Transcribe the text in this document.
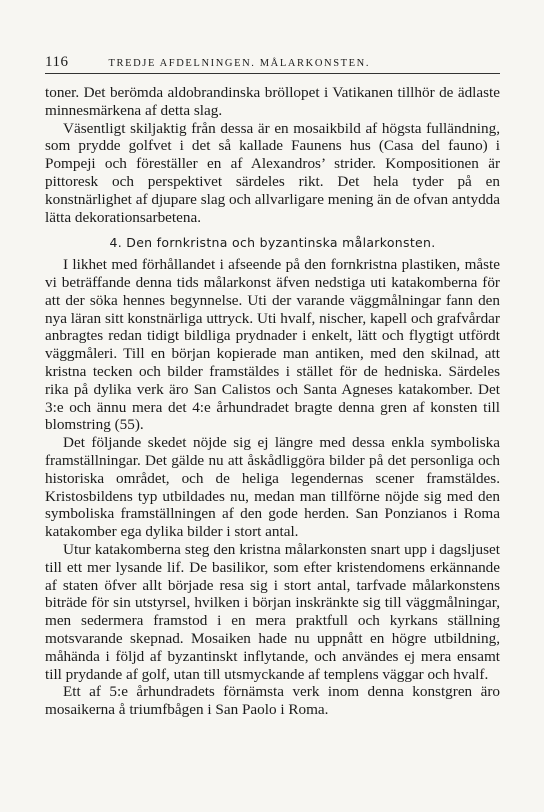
116	TREDJE AFDELNINGEN. MÅLARKONSTEN.

toner. Det berömda aldobrandinska bröllopet i Vatikanen tillhör de ädlaste minnesmärkena af detta slag.

Väsentligt skiljaktig från dessa är en mosaikbild af högsta fulländning, som prydde golfvet i det så kallade Faunens hus (Casa del fauno) i Pompeji och föreställer en af Alexandros’ strider. Kompositionen är pittoresk och perspektivet särdeles rikt. Det hela tyder på en konstnärlighet af djupare slag och allvarligare mening än de ofvan antydda lätta dekorationsarbetena.

4. Den fornkristna och byzantinska målarkonsten.

I likhet med förhållandet i afseende på den fornkristna plastiken, måste vi beträffande denna tids målarkonst äfven nedstiga uti katakomberna för att der söka hennes begynnelse. Uti der varande väggmålningar fann den nya läran sitt konstnärliga uttryck. Uti hvalf, nischer, kapell och grafvårdar anbragtes redan tidigt bildliga prydnader i enkelt, lätt och flygtigt utfördt väggmåleri. Till en början kopierade man antiken, med den skilnad, att kristna tecken och bilder framstäldes i stället för de hedniska. Särdeles rika på dylika verk äro San Calistos och Santa Agneses katakomber. Det 3:e och ännu mera det 4:e århundradet bragte denna gren af konsten till blomstring (55).

Det följande skedet nöjde sig ej längre med dessa enkla symboliska framställningar. Det gälde nu att åskådliggöra bilder på det personliga och historiska området, och de heliga legendernas scener framstäldes. Kristosbildens typ utbildades nu, medan man tillförne nöjde sig med den symboliska framställningen af den gode herden. San Ponzianos i Roma katakomber ega dylika bilder i stort antal.

Utur katakomberna steg den kristna målarkonsten snart upp i dagsljuset till ett mer lysande lif. De basilikor, som efter kristendomens erkännande af staten öfver allt började resa sig i stort antal, tarfvade målarkonstens biträde för sin utstyrsel, hvilken i början inskränkte sig till väggmålningar, men sedermera framstod i en mera praktfull och kyrkans ställning motsvarande skepnad. Mosaiken hade nu uppnått en högre utbildning, måhända i följd af byzantinskt inflytande, och användes ej mera ensamt till prydande af golf, utan till utsmyckande af templens väggar och hvalf.

Ett af 5:e århundradets förnämsta verk inom denna konstgren äro mosaikerna å triumfbågen i San Paolo i Roma.
